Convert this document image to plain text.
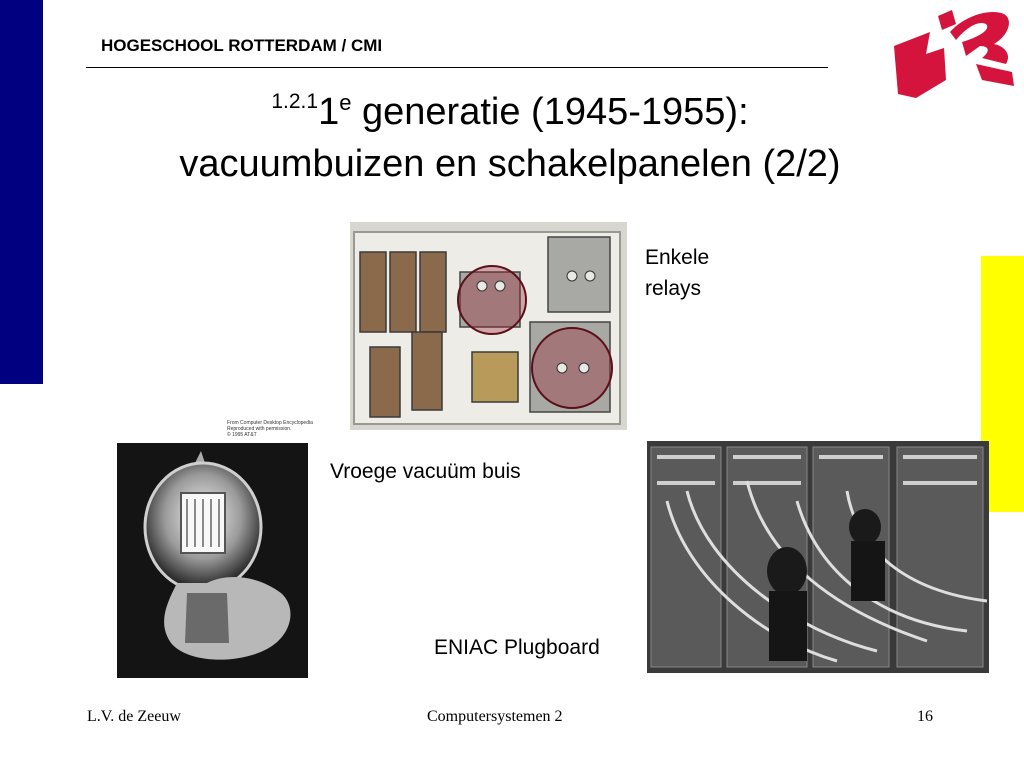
HOGESCHOOL ROTTERDAM / CMI
$^{1.2.1}$1e generatie (1945-1955):
vacuumbuizen en schakelpanelen (2/2)
Enkele relays
From Computer Desktop Encyclopedia
Reproduced with permission.
© 1995 AT&T
Vroege vacuüm buis
ENIAC Plugboard
L.V. de Zeeuw	Computersystemen 2	16
